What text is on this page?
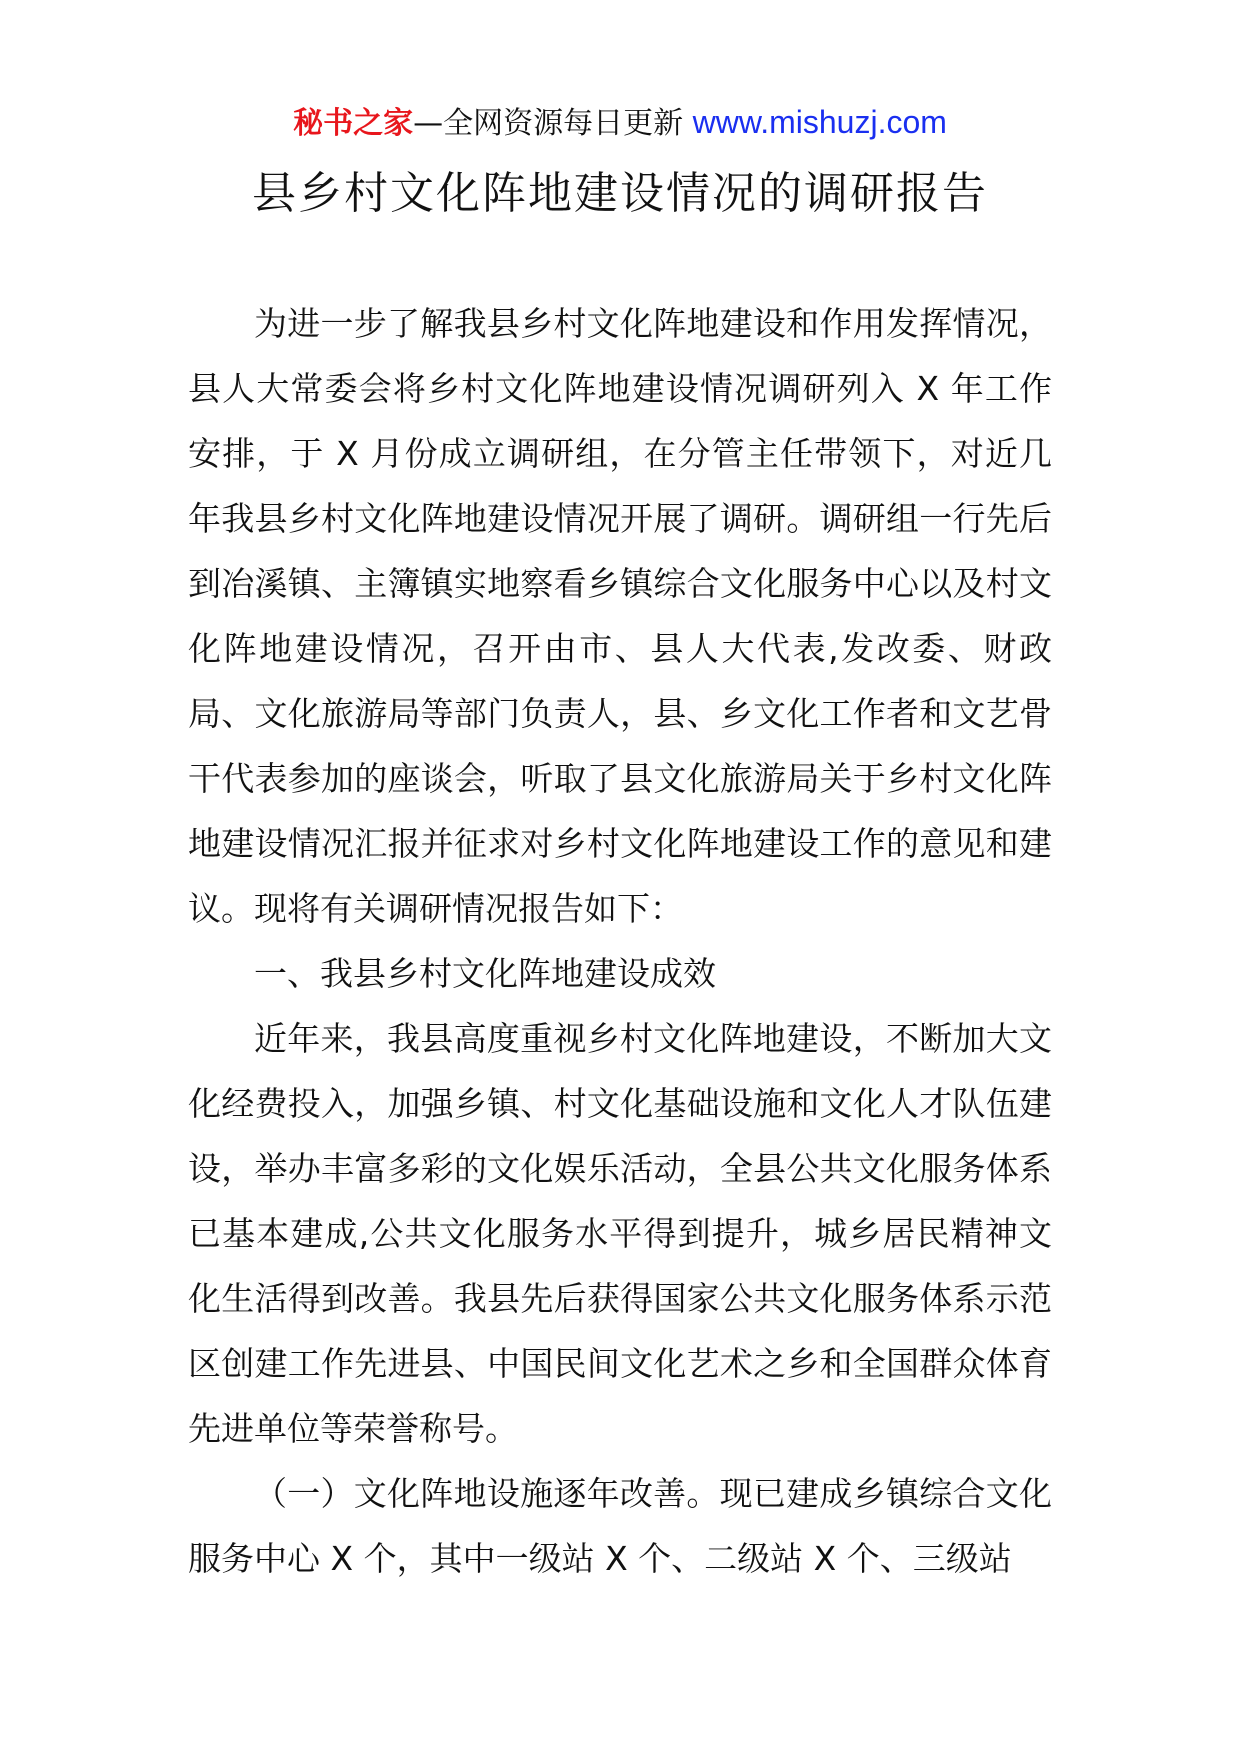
秘书之家—全网资源每日更新 www.mishuzj.com
县乡村文化阵地建设情况的调研报告

为进一步了解我县乡村文化阵地建设和作用发挥情况，县人大常委会将乡村文化阵地建设情况调研列入 X 年工作安排，于 X 月份成立调研组，在分管主任带领下，对近几年我县乡村文化阵地建设情况开展了调研。调研组一行先后到冶溪镇、主簿镇实地察看乡镇综合文化服务中心以及村文化阵地建设情况，召开由市、县人大代表,发改委、财政局、文化旅游局等部门负责人，县、乡文化工作者和文艺骨干代表参加的座谈会，听取了县文化旅游局关于乡村文化阵地建设情况汇报并征求对乡村文化阵地建设工作的意见和建议。现将有关调研情况报告如下：

一、我县乡村文化阵地建设成效

近年来，我县高度重视乡村文化阵地建设，不断加大文化经费投入，加强乡镇、村文化基础设施和文化人才队伍建设，举办丰富多彩的文化娱乐活动，全县公共文化服务体系已基本建成,公共文化服务水平得到提升，城乡居民精神文化生活得到改善。我县先后获得国家公共文化服务体系示范区创建工作先进县、中国民间文化艺术之乡和全国群众体育先进单位等荣誉称号。

（一）文化阵地设施逐年改善。现已建成乡镇综合文化服务中心 X 个，其中一级站 X 个、二级站 X 个、三级站
